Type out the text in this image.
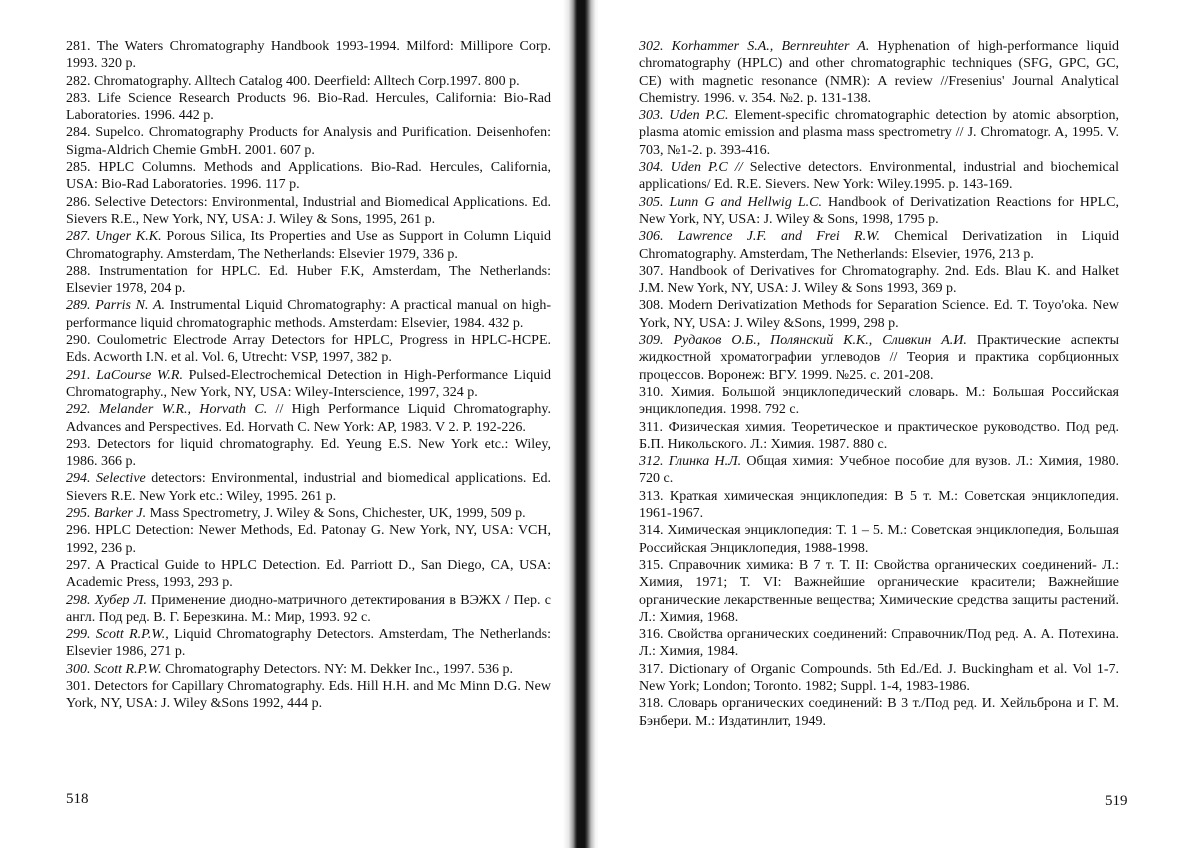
281. The Waters Chromatography Handbook 1993-1994. Milford: Millipore Corp. 1993. 320 p.

282. Chromatography. Alltech Catalog 400. Deerfield: Alltech Corp.1997. 800 p.

283. Life Science Research Products 96. Bio-Rad. Hercules, California: Bio-Rad Laboratories. 1996. 442 p.

284. Supelco. Chromatography Products for Analysis and Purification. Deisenhofen: Sigma-Aldrich Chemie GmbH. 2001. 607 p.

285. HPLC Columns. Methods and Applications. Bio-Rad. Hercules, California, USA: Bio-Rad Laboratories. 1996. 117 p.

286. Selective Detectors: Environmental, Industrial and Biomedical Applications. Ed. Sievers R.E., New York, NY, USA: J. Wiley & Sons, 1995, 261 p.

287. Unger K.K. Porous Silica, Its Properties and Use as Support in Column Liquid Chromatography. Amsterdam, The Netherlands: Elsevier 1979, 336 p.

288. Instrumentation for HPLC. Ed. Huber F.K, Amsterdam, The Netherlands: Elsevier 1978, 204 p.

289. Parris N. A. Instrumental Liquid Chromatography: A practical manual on high-performance liquid chromatographic methods. Amsterdam: Elsevier, 1984. 432 p.

290. Coulometric Electrode Array Detectors for HPLC, Progress in HPLC-HCPE. Eds. Acworth I.N. et al. Vol. 6, Utrecht: VSP, 1997, 382 p.

291. LaCourse W.R. Pulsed-Electrochemical Detection in High-Performance Liquid Chromatography., New York, NY, USA: Wiley-Interscience, 1997, 324 p.

292. Melander W.R., Horvath C. // High Performance Liquid Chromatography. Advances and Perspectives. Ed. Horvath C. New York: AP, 1983. V 2. P. 192-226.

293. Detectors for liquid chromatography. Ed. Yeung E.S. New York etc.: Wiley, 1986. 366 p.

294. Selective detectors: Environmental, industrial and biomedical applications. Ed. Sievers R.E. New York etc.: Wiley, 1995. 261 p.

295. Barker J. Mass Spectrometry, J. Wiley & Sons, Chichester, UK, 1999, 509 p.

296. HPLC Detection: Newer Methods, Ed. Patonay G. New York, NY, USA: VCH, 1992, 236 p.

297. A Practical Guide to HPLC Detection. Ed. Parriott D., San Diego, CA, USA: Academic Press, 1993, 293 p.

298. Хубер Л. Применение диодно-матричного детектирования в ВЭЖХ / Пер. с англ. Под ред. В. Г. Березкина. М.: Мир, 1993. 92 с.

299. Scott R.P.W., Liquid Chromatography Detectors. Amsterdam, The Netherlands: Elsevier 1986, 271 p.

300. Scott R.P.W. Chromatography Detectors. NY: M. Dekker Inc., 1997. 536 p.

301. Detectors for Capillary Chromatography. Eds. Hill H.H. and Mc Minn D.G. New York, NY, USA: J. Wiley &Sons 1992, 444 p.

518

302. Korhammer S.A., Bernreuhter A. Hyphenation of high-performance liquid chromatography (HPLC) and other chromatographic techniques (SFG, GPC, GC, CE) with magnetic resonance (NMR): A review //Fresenius' Journal Analytical Chemistry. 1996. v. 354. №2. p. 131-138.

303. Uden P.C. Element-specific chromatographic detection by atomic absorption, plasma atomic emission and plasma mass spectrometry // J. Chromatogr. A, 1995. V. 703, №1-2. p. 393-416.

304. Uden P.C // Selective detectors. Environmental, industrial and biochemical applications/ Ed. R.E. Sievers. New York: Wiley.1995. p. 143-169.

305. Lunn G and Hellwig L.C. Handbook of Derivatization Reactions for HPLC, New York, NY, USA: J. Wiley & Sons, 1998, 1795 p.

306. Lawrence J.F. and Frei R.W. Chemical Derivatization in Liquid Chromatography. Amsterdam, The Netherlands: Elsevier, 1976, 213 p.

307. Handbook of Derivatives for Chromatography. 2nd. Eds. Blau K. and Halket J.M. New York, NY, USA: J. Wiley & Sons 1993, 369 p.

308. Modern Derivatization Methods for Separation Science. Ed. T. Toyo'oka. New York, NY, USA: J. Wiley &Sons, 1999, 298 p.

309. Рудаков О.Б., Полянский К.К., Сливкин А.И. Практические аспекты жидкостной хроматографии углеводов // Теория и практика сорбционных процессов. Воронеж: ВГУ. 1999. №25. с. 201-208.

310. Химия. Большой энциклопедический словарь. М.: Большая Российская энциклопедия. 1998. 792 с.

311. Физическая химия. Теоретическое и практическое руководство. Под ред. Б.П. Никольского. Л.: Химия. 1987. 880 с.

312. Глинка Н.Л. Общая химия: Учебное пособие для вузов. Л.: Химия, 1980. 720 с.

313. Краткая химическая энциклопедия: В 5 т. М.: Советская энциклопедия. 1961-1967.

314. Химическая энциклопедия: Т. 1 – 5. М.: Советская энциклопедия, Большая Российская Энциклопедия, 1988-1998.

315. Справочник химика: В 7 т. Т. II: Свойства органических соединений- Л.: Химия, 1971; Т. VI: Важнейшие органические красители; Важнейшие органические лекарственные вещества; Химические средства защиты растений. Л.: Химия, 1968.

316. Свойства органических соединений: Справочник/Под ред. А. А. Потехина. Л.: Химия, 1984.

317. Dictionary of Organic Compounds. 5th Ed./Ed. J. Buckingham et al. Vol 1-7. New York; London; Toronto. 1982; Suppl. 1-4, 1983-1986.

318. Словарь органических соединений: В 3 т./Под ред. И. Хейльброна и Г. М. Бэнбери. М.: Издатинлит, 1949.

519
